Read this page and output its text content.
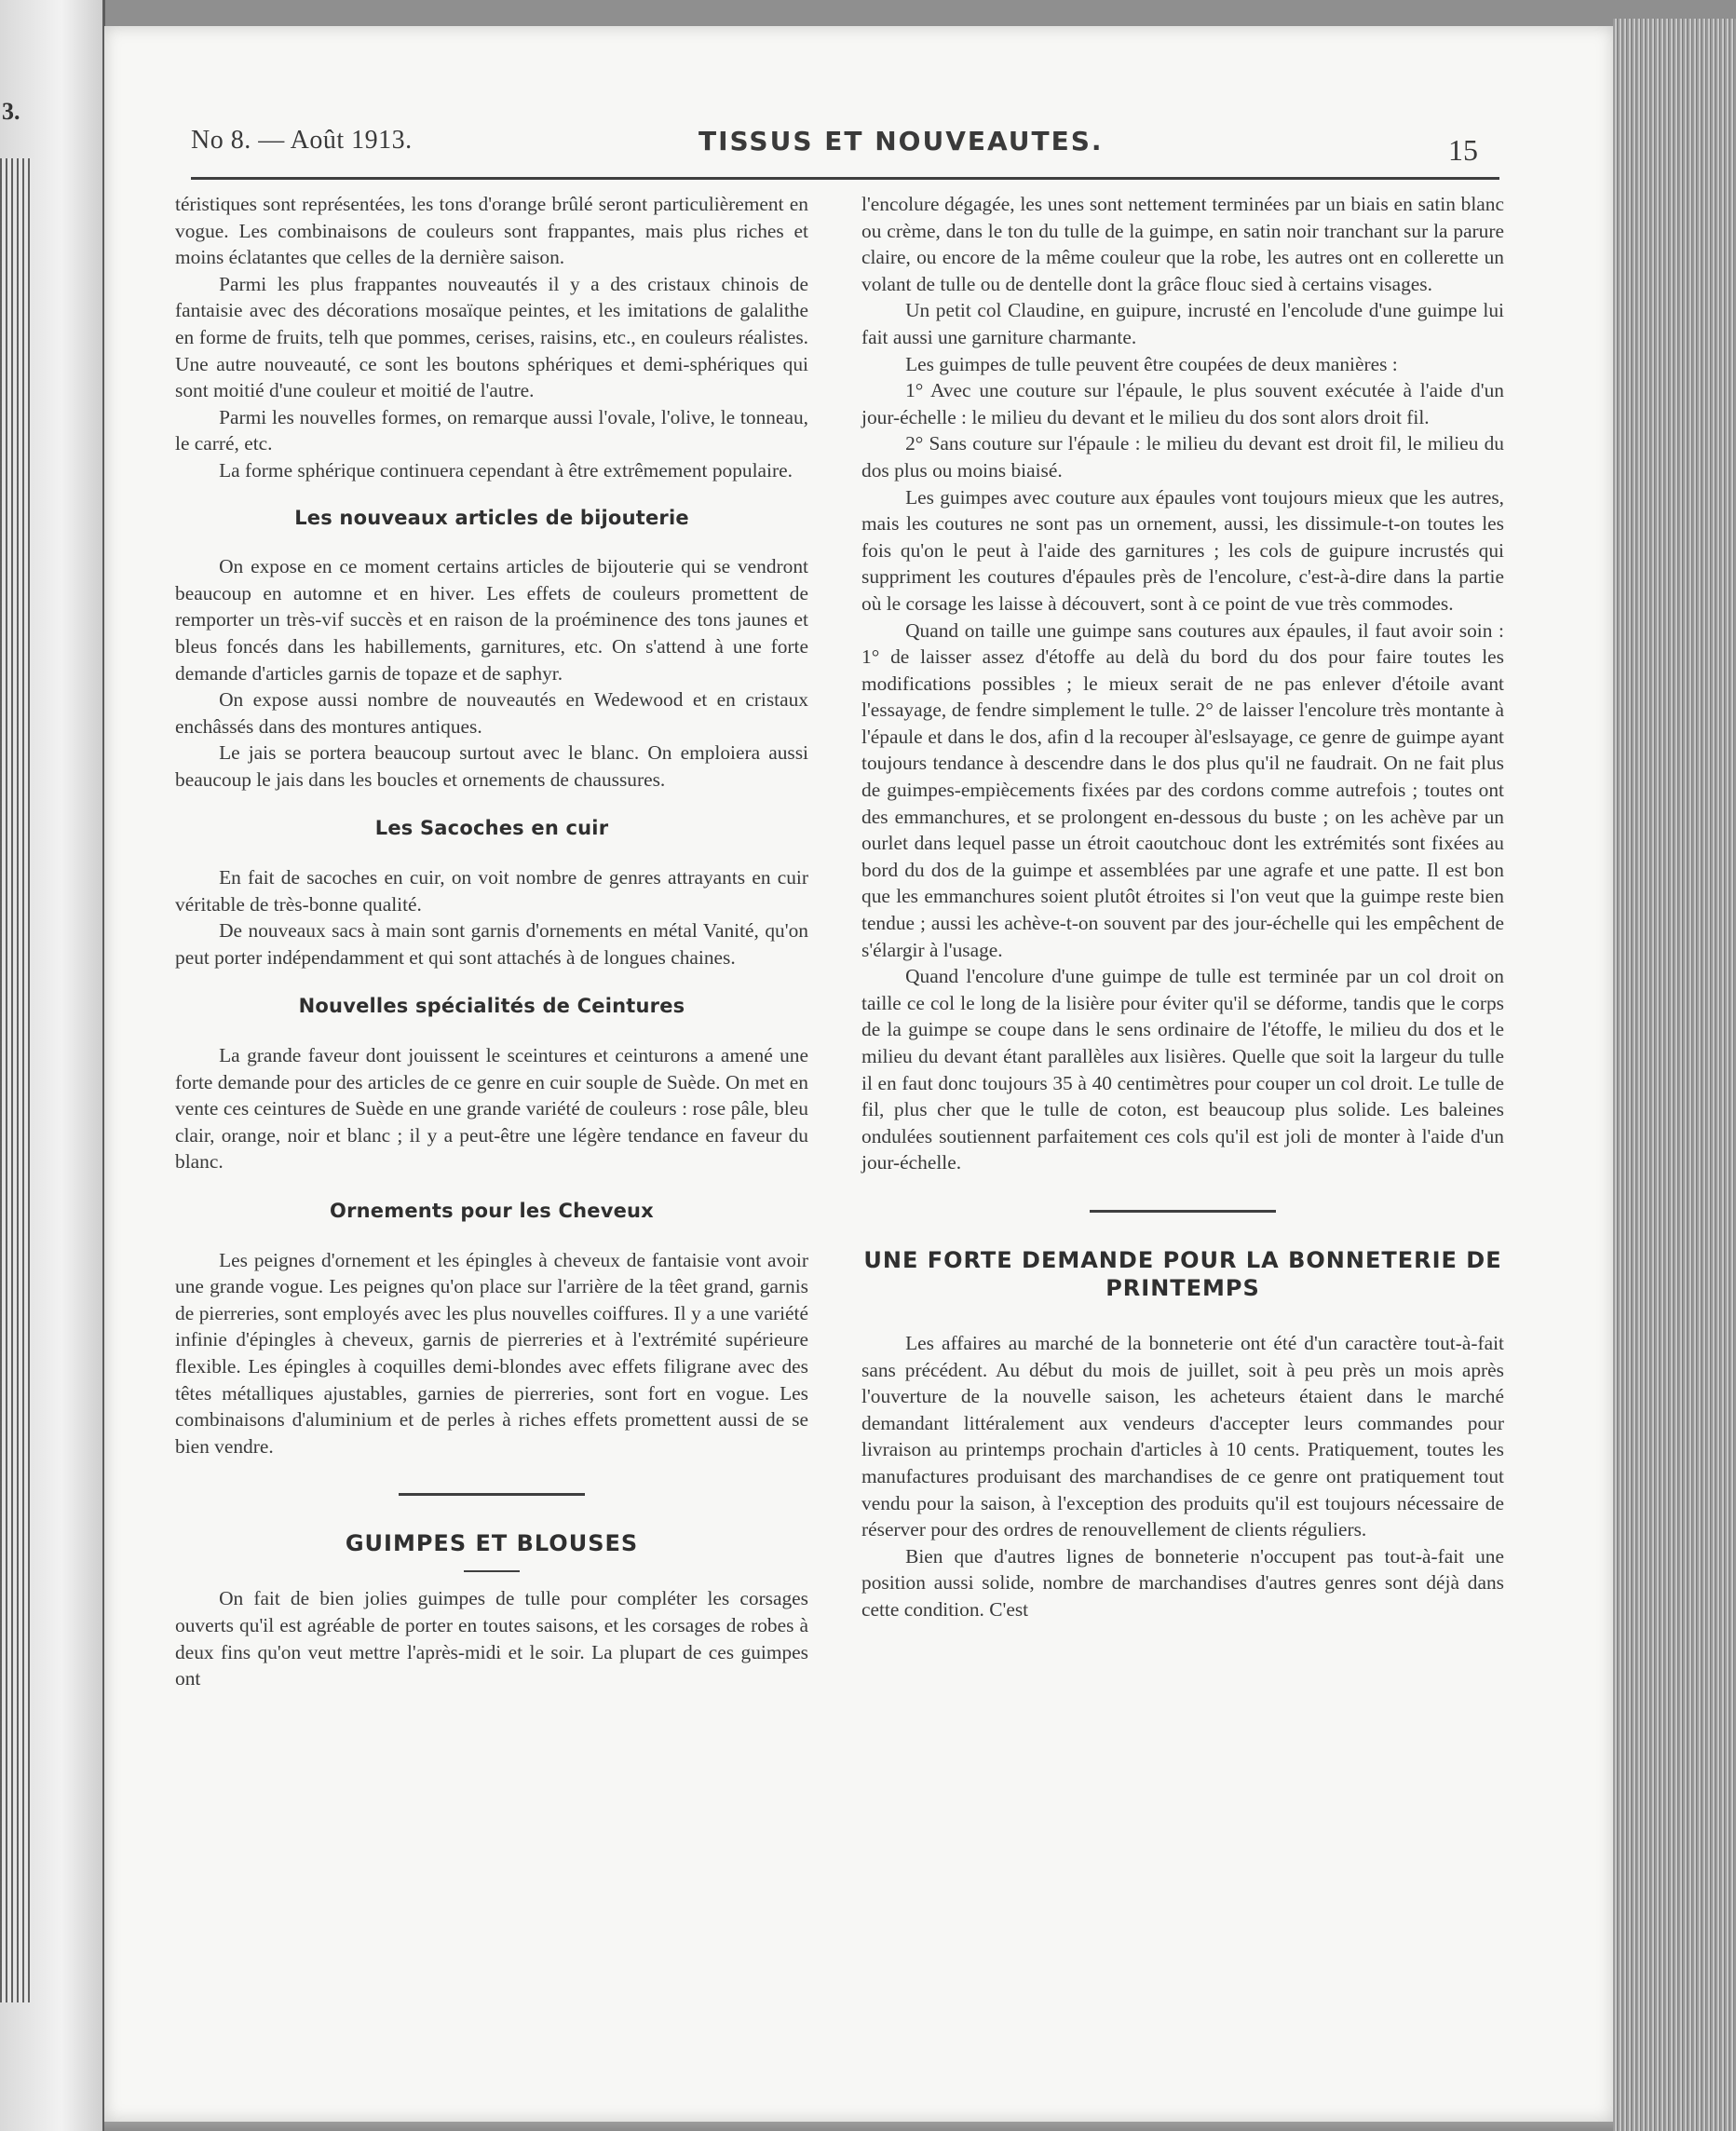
3.
No 8. — Août 1913.	TISSUS ET NOUVEAUTES.	15

téristiques sont représentées, les tons d'orange brûlé seront particulièrement en vogue. Les combinaisons de couleurs sont frappantes, mais plus riches et moins éclatantes que celles de la dernière saison.

Parmi les plus frappantes nouveautés il y a des cristaux chinois de fantaisie avec des décorations mosaïque peintes, et les imitations de galalithe en forme de fruits, telh que pommes, cerises, raisins, etc., en couleurs réalistes. Une autre nouveauté, ce sont les boutons sphériques et demi-sphériques qui sont moitié d'une couleur et moitié de l'autre.

Parmi les nouvelles formes, on remarque aussi l'ovale, l'olive, le tonneau, le carré, etc.

La forme sphérique continuera cependant à être extrêmement populaire.

Les nouveaux articles de bijouterie

On expose en ce moment certains articles de bijouterie qui se vendront beaucoup en automne et en hiver. Les effets de couleurs promettent de remporter un très-vif succès et en raison de la proéminence des tons jaunes et bleus foncés dans les habillements, garnitures, etc. On s'attend à une forte demande d'articles garnis de topaze et de saphyr.

On expose aussi nombre de nouveautés en Wedewood et en cristaux enchâssés dans des montures antiques.

Le jais se portera beaucoup surtout avec le blanc. On emploiera aussi beaucoup le jais dans les boucles et ornements de chaussures.

Les Sacoches en cuir

En fait de sacoches en cuir, on voit nombre de genres attrayants en cuir véritable de très-bonne qualité.

De nouveaux sacs à main sont garnis d'ornements en métal Vanité, qu'on peut porter indépendamment et qui sont attachés à de longues chaines.

Nouvelles spécialités de Ceintures

La grande faveur dont jouissent le sceintures et ceinturons a amené une forte demande pour des articles de ce genre en cuir souple de Suède. On met en vente ces ceintures de Suède en une grande variété de couleurs : rose pâle, bleu clair, orange, noir et blanc ; il y a peut-être une légère tendance en faveur du blanc.

Ornements pour les Cheveux

Les peignes d'ornement et les épingles à cheveux de fantaisie vont avoir une grande vogue. Les peignes qu'on place sur l'arrière de la têet grand, garnis de pierreries, sont employés avec les plus nouvelles coiffures. Il y a une variété infinie d'épingles à cheveux, garnis de pierreries et à l'extrémité supérieure flexible. Les épingles à coquilles demi-blondes avec effets filigrane avec des têtes métalliques ajustables, garnies de pierreries, sont fort en vogue. Les combinaisons d'aluminium et de perles à riches effets promettent aussi de se bien vendre.

GUIMPES ET BLOUSES

On fait de bien jolies guimpes de tulle pour compléter les corsages ouverts qu'il est agréable de porter en toutes saisons, et les corsages de robes à deux fins qu'on veut mettre l'après-midi et le soir. La plupart de ces guimpes ont

l'encolure dégagée, les unes sont nettement terminées par un biais en satin blanc ou crème, dans le ton du tulle de la guimpe, en satin noir tranchant sur la parure claire, ou encore de la même couleur que la robe, les autres ont en collerette un volant de tulle ou de dentelle dont la grâce flouc sied à certains visages.

Un petit col Claudine, en guipure, incrusté en l'encolude d'une guimpe lui fait aussi une garniture charmante.

Les guimpes de tulle peuvent être coupées de deux manières :

1° Avec une couture sur l'épaule, le plus souvent exécutée à l'aide d'un jour-échelle : le milieu du devant et le milieu du dos sont alors droit fil.

2° Sans couture sur l'épaule : le milieu du devant est droit fil, le milieu du dos plus ou moins biaisé.

Les guimpes avec couture aux épaules vont toujours mieux que les autres, mais les coutures ne sont pas un ornement, aussi, les dissimule-t-on toutes les fois qu'on le peut à l'aide des garnitures ; les cols de guipure incrustés qui suppriment les coutures d'épaules près de l'encolure, c'est-à-dire dans la partie où le corsage les laisse à découvert, sont à ce point de vue très commodes.

Quand on taille une guimpe sans coutures aux épaules, il faut avoir soin : 1° de laisser assez d'étoffe au delà du bord du dos pour faire toutes les modifications possibles ; le mieux serait de ne pas enlever d'étoile avant l'essayage, de fendre simplement le tulle. 2° de laisser l'encolure très montante à l'épaule et dans le dos, afin d la recouper àl'eslsayage, ce genre de guimpe ayant toujours tendance à descendre dans le dos plus qu'il ne faudrait. On ne fait plus de guimpes-empiècements fixées par des cordons comme autrefois ; toutes ont des emmanchures, et se prolongent en-dessous du buste ; on les achève par un ourlet dans lequel passe un étroit caoutchouc dont les extrémités sont fixées au bord du dos de la guimpe et assemblées par une agrafe et une patte. Il est bon que les emmanchures soient plutôt étroites si l'on veut que la guimpe reste bien tendue ; aussi les achève-t-on souvent par des jour-échelle qui les empêchent de s'élargir à l'usage.

Quand l'encolure d'une guimpe de tulle est terminée par un col droit on taille ce col le long de la lisière pour éviter qu'il se déforme, tandis que le corps de la guimpe se coupe dans le sens ordinaire de l'étoffe, le milieu du dos et le milieu du devant étant parallèles aux lisières. Quelle que soit la largeur du tulle il en faut donc toujours 35 à 40 centimètres pour couper un col droit. Le tulle de fil, plus cher que le tulle de coton, est beaucoup plus solide. Les baleines ondulées soutiennent parfaitement ces cols qu'il est joli de monter à l'aide d'un jour-échelle.

UNE FORTE DEMANDE POUR LA BONNETERIE DE PRINTEMPS

Les affaires au marché de la bonneterie ont été d'un caractère tout-à-fait sans précédent. Au début du mois de juillet, soit à peu près un mois après l'ouverture de la nouvelle saison, les acheteurs étaient dans le marché demandant littéralement aux vendeurs d'accepter leurs commandes pour livraison au printemps prochain d'articles à 10 cents. Pratiquement, toutes les manufactures produisant des marchandises de ce genre ont pratiquement tout vendu pour la saison, à l'exception des produits qu'il est toujours nécessaire de réserver pour des ordres de renouvellement de clients réguliers.

Bien que d'autres lignes de bonneterie n'occupent pas tout-à-fait une position aussi solide, nombre de marchandises d'autres genres sont déjà dans cette condition. C'est
